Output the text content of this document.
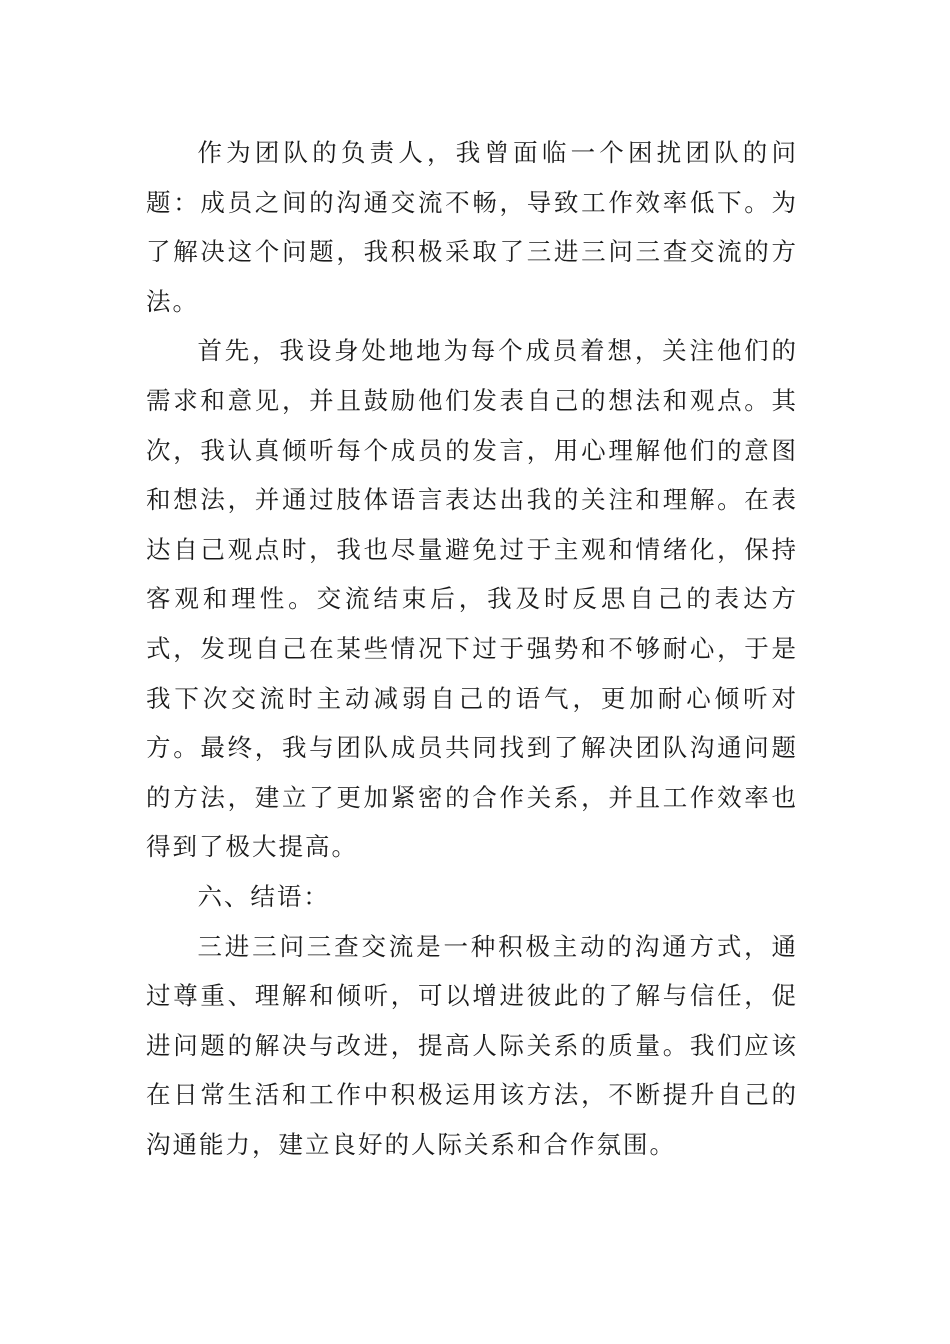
作为团队的负责人，我曾面临一个困扰团队的问题：成员之间的沟通交流不畅，导致工作效率低下。为了解决这个问题，我积极采取了三进三问三查交流的方法。

首先，我设身处地地为每个成员着想，关注他们的需求和意见，并且鼓励他们发表自己的想法和观点。其次，我认真倾听每个成员的发言，用心理解他们的意图和想法，并通过肢体语言表达出我的关注和理解。在表达自己观点时，我也尽量避免过于主观和情绪化，保持客观和理性。交流结束后，我及时反思自己的表达方式，发现自己在某些情况下过于强势和不够耐心，于是我下次交流时主动减弱自己的语气，更加耐心倾听对方。最终，我与团队成员共同找到了解决团队沟通问题的方法，建立了更加紧密的合作关系，并且工作效率也得到了极大提高。

六、结语：

三进三问三查交流是一种积极主动的沟通方式，通过尊重、理解和倾听，可以增进彼此的了解与信任，促进问题的解决与改进，提高人际关系的质量。我们应该在日常生活和工作中积极运用该方法，不断提升自己的沟通能力，建立良好的人际关系和合作氛围。
